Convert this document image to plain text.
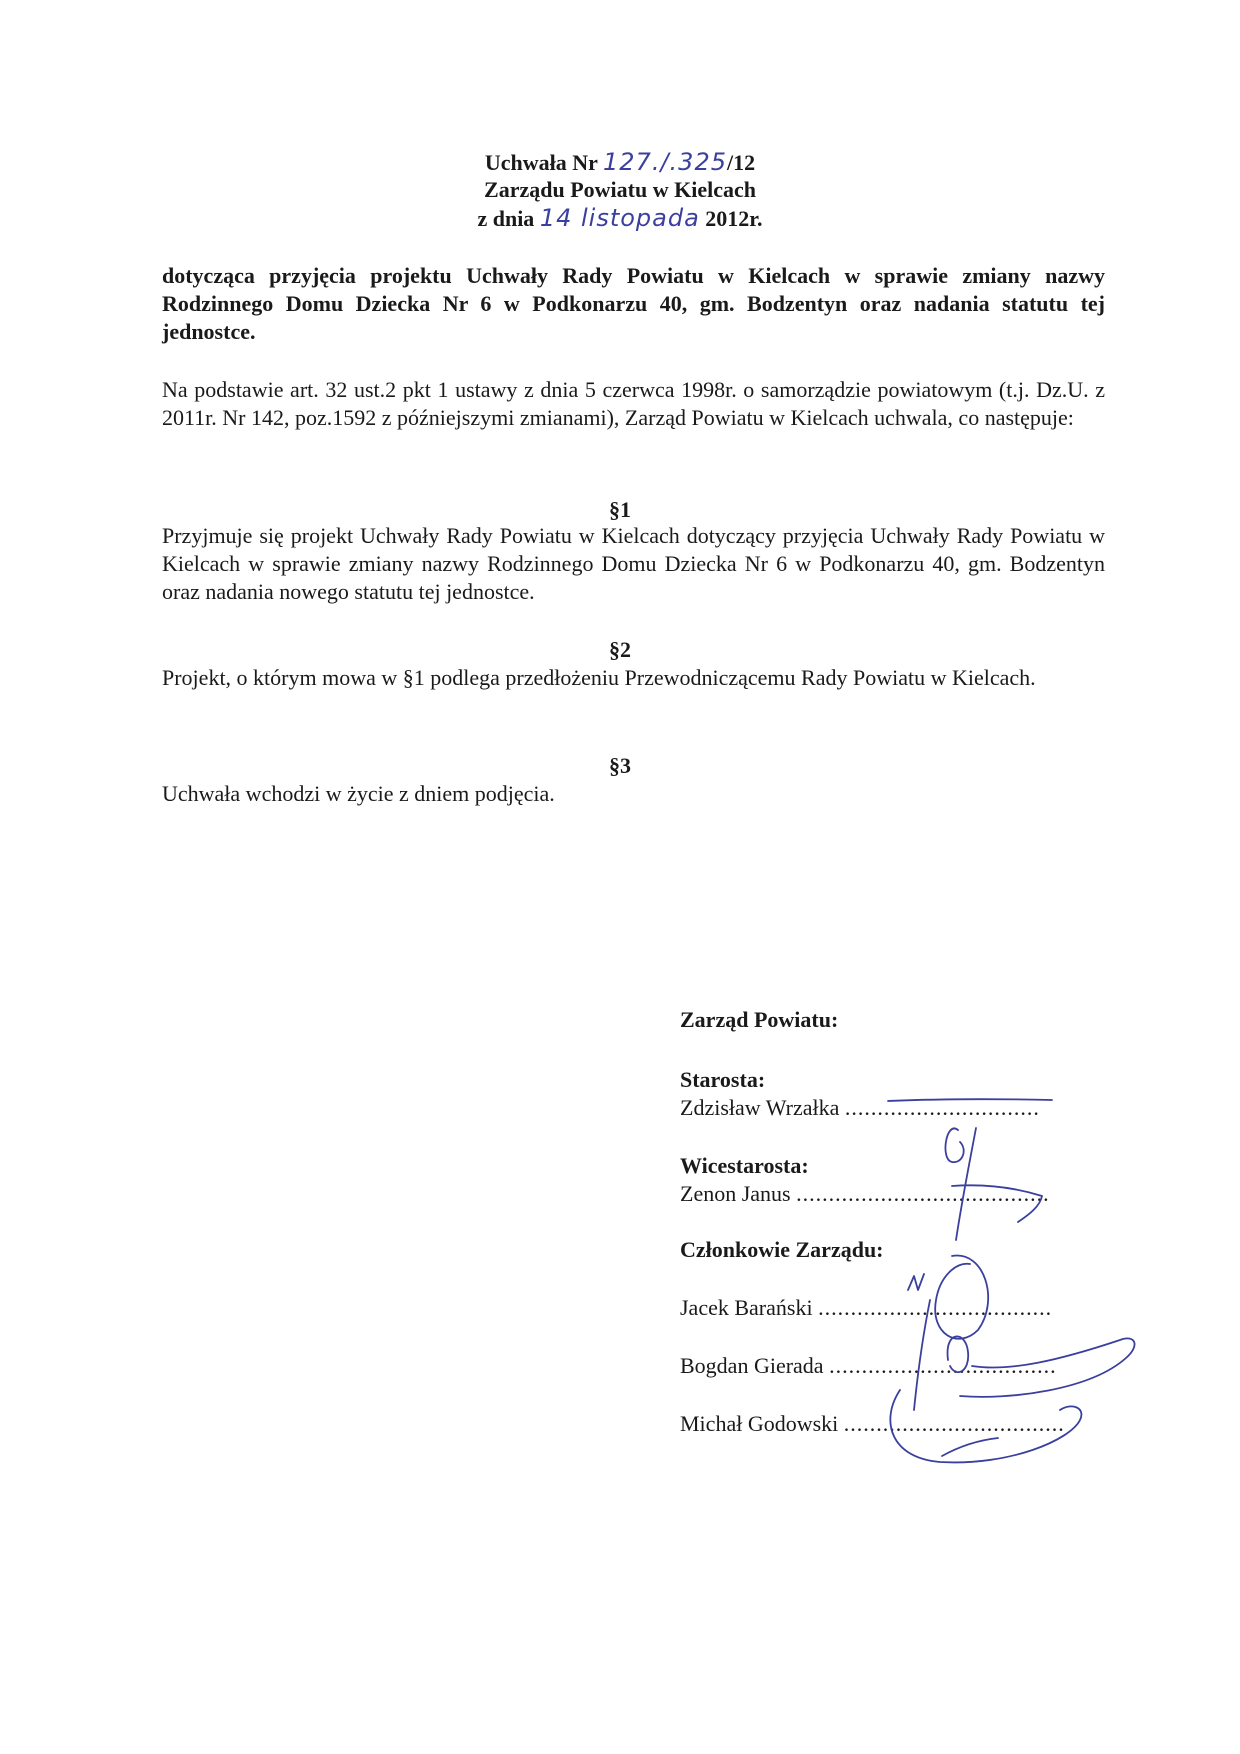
Uchwała Nr 127./.325/12
Zarządu Powiatu w Kielcach
z dnia 14 listopada 2012r.
dotycząca przyjęcia projektu Uchwały Rady Powiatu w Kielcach w sprawie zmiany nazwy Rodzinnego Domu Dziecka Nr 6 w Podkonarzu 40, gm. Bodzentyn oraz nadania statutu tej jednostce.
Na podstawie art. 32 ust.2 pkt 1 ustawy z dnia 5 czerwca 1998r. o samorządzie powiatowym (t.j. Dz.U. z 2011r. Nr 142, poz.1592 z późniejszymi zmianami), Zarząd Powiatu w Kielcach uchwala, co następuje:
§1
Przyjmuje się projekt Uchwały Rady Powiatu w Kielcach dotyczący przyjęcia Uchwały Rady Powiatu w Kielcach w sprawie zmiany nazwy Rodzinnego Domu Dziecka Nr 6 w Podkonarzu 40, gm. Bodzentyn oraz nadania nowego statutu tej jednostce.
§2
Projekt, o którym mowa w §1 podlega przedłożeniu Przewodniczącemu Rady Powiatu w Kielcach.
§3
Uchwała wchodzi w życie z dniem podjęcia.
Zarząd Powiatu:
Starosta:
Zdzisław Wrzałka ..............................
Wicestarosta:
Zenon Janus .......................................
Członkowie Zarządu:
Jacek Barański ....................................
Bogdan Gierada ...................................
Michał Godowski ..................................
